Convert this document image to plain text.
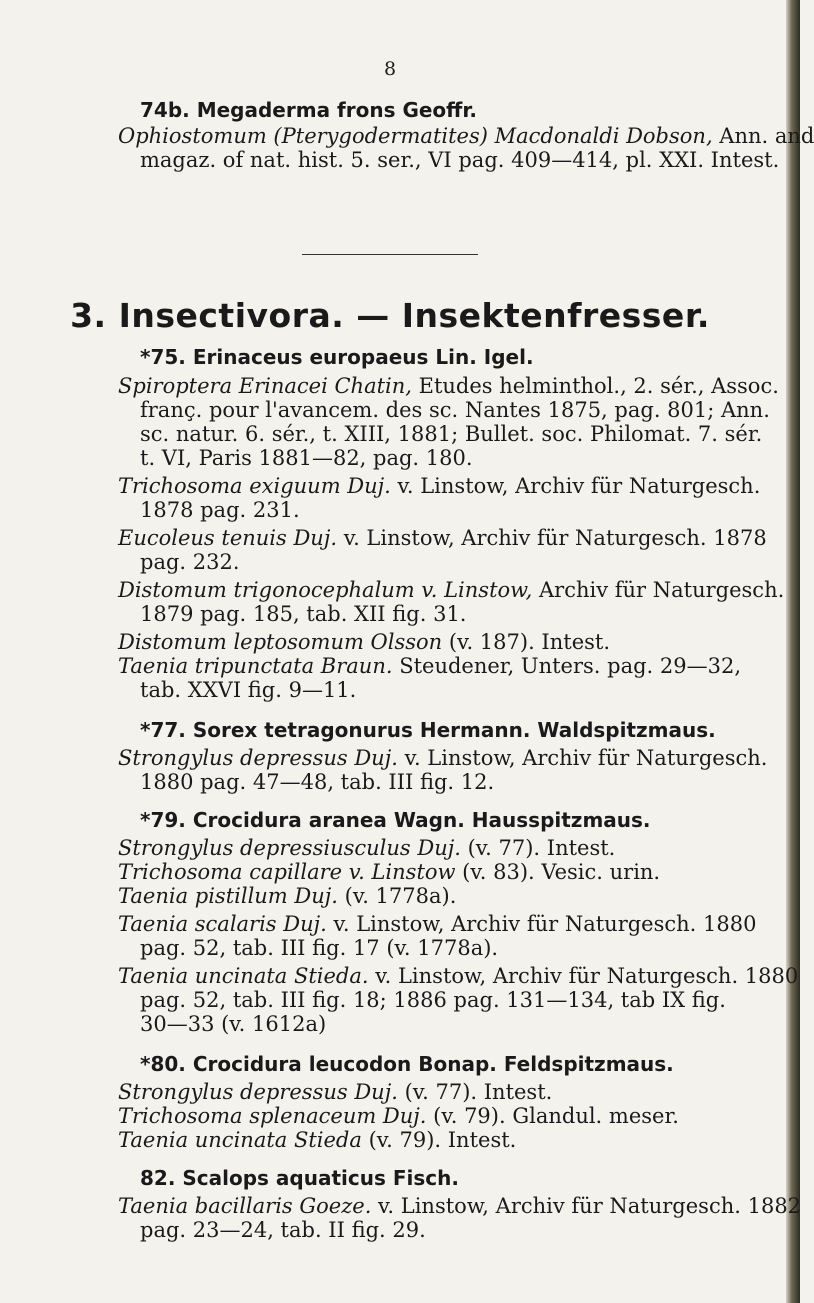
8
74b. Megaderma frons Geoffr.
Ophiostomum (Pterygodermatites) Macdonaldi Dobson, Ann. and
magaz. of nat. hist. 5. ser., VI pag. 409—414, pl. XXI. Intest.
3. Insectivora. — Insektenfresser.
*75. Erinaceus europaeus Lin. Igel.
Spiroptera Erinacei Chatin, Etudes helminthol., 2. sér., Assoc.
franç. pour l'avancem. des sc. Nantes 1875, pag. 801; Ann.
sc. natur. 6. sér., t. XIII, 1881; Bullet. soc. Philomat. 7. sér.
t. VI, Paris 1881—82, pag. 180.
Trichosoma exiguum Duj. v. Linstow, Archiv für Naturgesch.
1878 pag. 231.
Eucoleus tenuis Duj. v. Linstow, Archiv für Naturgesch. 1878
pag. 232.
Distomum trigonocephalum v. Linstow, Archiv für Naturgesch.
1879 pag. 185, tab. XII fig. 31.
Distomum leptosomum Olsson (v. 187). Intest.
Taenia tripunctata Braun. Steudener, Unters. pag. 29—32,
tab. XXVI fig. 9—11.
*77. Sorex tetragonurus Hermann. Waldspitzmaus.
Strongylus depressus Duj. v. Linstow, Archiv für Naturgesch.
1880 pag. 47—48, tab. III fig. 12.
*79. Crocidura aranea Wagn. Hausspitzmaus.
Strongylus depressiusculus Duj. (v. 77). Intest.
Trichosoma capillare v. Linstow (v. 83). Vesic. urin.
Taenia pistillum Duj. (v. 1778a).
Taenia scalaris Duj. v. Linstow, Archiv für Naturgesch. 1880
pag. 52, tab. III fig. 17 (v. 1778a).
Taenia uncinata Stieda. v. Linstow, Archiv für Naturgesch. 1880
pag. 52, tab. III fig. 18; 1886 pag. 131—134, tab IX fig.
30—33 (v. 1612a)
*80. Crocidura leucodon Bonap. Feldspitzmaus.
Strongylus depressus Duj. (v. 77). Intest.
Trichosoma splenaceum Duj. (v. 79). Glandul. meser.
Taenia uncinata Stieda (v. 79). Intest.
82. Scalops aquaticus Fisch.
Taenia bacillaris Goeze. v. Linstow, Archiv für Naturgesch. 1882
pag. 23—24, tab. II fig. 29.
